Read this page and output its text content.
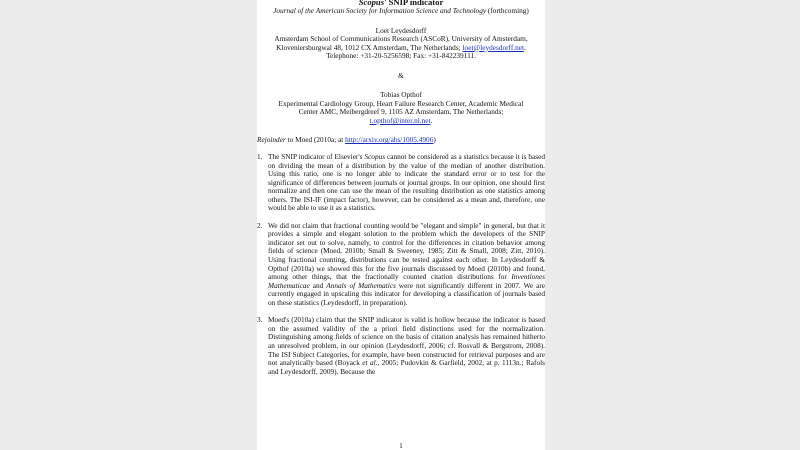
Scopus' SNIP indicator
Journal of the American Society for Information Science and Technology (forthcoming)
Loet Leydesdorff
Amsterdam School of Communications Research (ASCoR), University of Amsterdam,
Kloveniersburgwal 48, 1012 CX Amsterdam, The Netherlands; loet@leydesdorff.net.
Telephone: +31-20-5256598; Fax: +31-842239111.
&
Tobias Opthof
Experimental Cardiology Group, Heart Failure Research Center, Academic Medical
Center AMC, Meibergdreef 9, 1105 AZ Amsterdam, The Netherlands;
t.opthof@inter.nl.net.
Rejoinder to Moed (2010a; at http://arxiv.org/abs/1005.4906)
1. The SNIP indicator of Elsevier's Scopus cannot be considered as a statistics because it is based on dividing the mean of a distribution by the value of the median of another distribution. Using this ratio, one is no longer able to indicate the standard error or to test for the significance of differences between journals or journal groups. In our opinion, one should first normalize and then one can use the mean of the resulting distribution as one statistics among others. The ISI-IF (impact factor), however, can be considered as a mean and, therefore, one would be able to use it as a statistics.
2. We did not claim that fractional counting would be "elegant and simple" in general, but that it provides a simple and elegant solution to the problem which the developers of the SNIP indicator set out to solve, namely, to control for the differences in citation behavior among fields of science (Moed, 2010b; Small & Sweeney, 1985; Zitt & Small, 2008; Zitt, 2010). Using fractional counting, distributions can be tested against each other. In Leydesdorff & Opthof (2010a) we showed this for the five journals discussed by Moed (2010b) and found, among other things, that the fractionally counted citation distributions for Inventiones Mathematicae and Annals of Mathematics were not significantly different in 2007. We are currently engaged in upscaling this indicator for developing a classification of journals based on these statistics (Leydesdorff, in preparation).
3. Moed's (2010a) claim that the SNIP indicator is valid is hollow because the indicator is based on the assumed validity of the a priori field distinctions used for the normalization. Distinguishing among fields of science on the basis of citation analysis has remained hitherto an unresolved problem, in our opinion (Leydesdorff, 2006; cf. Rosvall & Bergstrom, 2008). The ISI Subject Categories, for example, have been constructed for retrieval purposes and are not analytically based (Boyack et al., 2005; Pudovkin & Garfield, 2002, at p. 1113n.; Rafols and Leydesdorff, 2009). Because the
1
